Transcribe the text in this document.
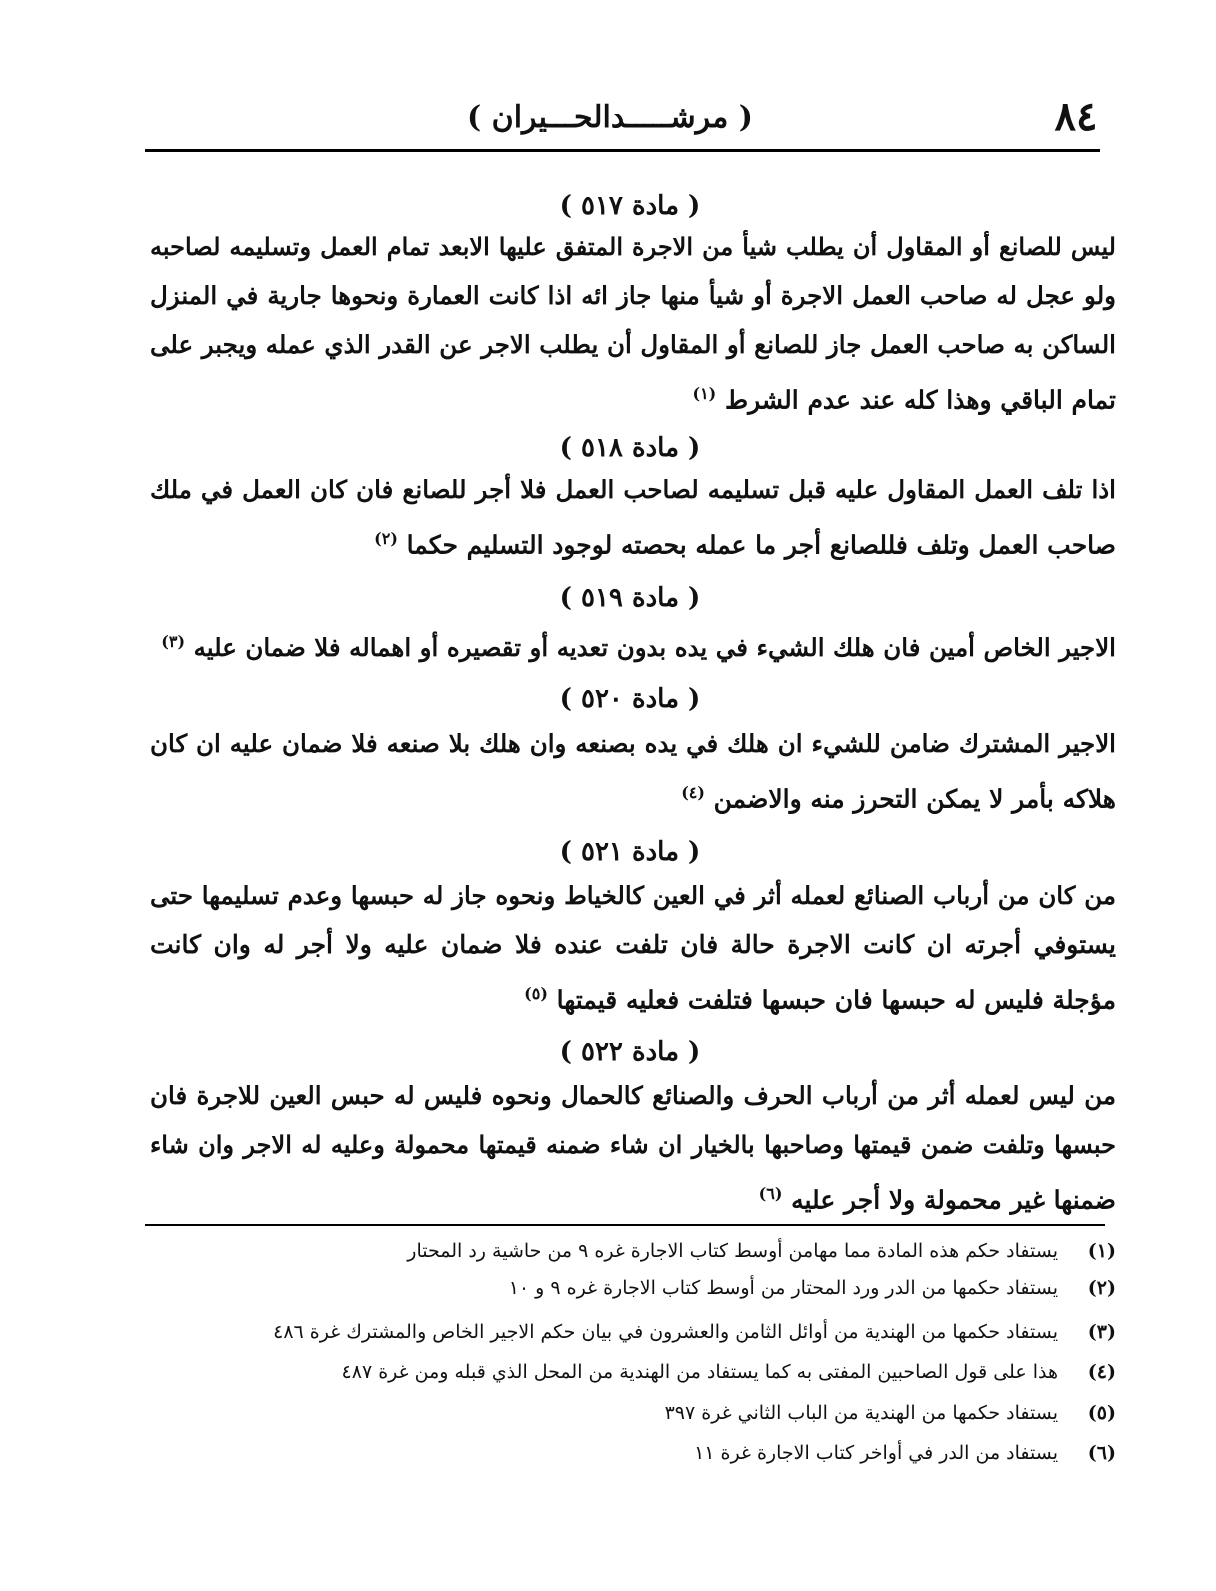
٨٤
( مرشـــــدالحـــيران )
( مادة ٥١٧ )
ليس للصانع أو المقاول أن يطلب شيأ من الاجرة المتفق عليها الابعد تمام العمل وتسليمه لصاحبه
ولو عجل له صاحب العمل الاجرة أو شيأ منها جاز ائه اذا كانت العمارة ونحوها جارية في المنزل
الساكن به صاحب العمل جاز للصانع أو المقاول أن يطلب الاجر عن القدر الذي عمله ويجبر على
تمام الباقي وهذا كله عند عدم الشرط $^{(١)}$
( مادة ٥١٨ )
اذا تلف العمل المقاول عليه قبل تسليمه لصاحب العمل فلا أجر للصانع فان كان العمل في ملك
صاحب العمل وتلف فللصانع أجر ما عمله بحصته لوجود التسليم حكما $^{(٢)}$
( مادة ٥١٩ )
الاجير الخاص أمين فان هلك الشيء في يده بدون تعديه أو تقصيره أو اهماله فلا ضمان عليه $^{(٣)}$
( مادة ٥٢٠ )
الاجير المشترك ضامن للشيء ان هلك في يده بصنعه وان هلك بلا صنعه فلا ضمان عليه ان كان
هلاكه بأمر لا يمكن التحرز منه والاضمن $^{(٤)}$
( مادة ٥٢١ )
من كان من أرباب الصنائع لعمله أثر في العين كالخياط ونحوه جاز له حبسها وعدم تسليمها حتى
يستوفي أجرته ان كانت الاجرة حالة فان تلفت عنده فلا ضمان عليه ولا أجر له وان كانت
مؤجلة فليس له حبسها فان حبسها فتلفت فعليه قيمتها $^{(٥)}$
( مادة ٥٢٢ )
من ليس لعمله أثر من أرباب الحرف والصنائع كالحمال ونحوه فليس له حبس العين للاجرة فان
حبسها وتلفت ضمن قيمتها وصاحبها بالخيار ان شاء ضمنه قيمتها محمولة وعليه له الاجر وان شاء
ضمنها غير محمولة ولا أجر عليه $^{(٦)}$
(١)يستفاد حكم هذه المادة مما مهامن أوسط كتاب الاجارة غره ٩ من حاشية رد المحتار
(٢)يستفاد حكمها من الدر ورد المحتار من أوسط كتاب الاجارة غره ٩ و ١٠
(٣)يستفاد حكمها من الهندية من أوائل الثامن والعشرون في بيان حكم الاجير الخاص والمشترك غرة ٤٨٦
(٤)هذا على قول الصاحبين المفتى به كما يستفاد من الهندية من المحل الذي قبله ومن غرة ٤٨٧
(٥)يستفاد حكمها من الهندية من الباب الثاني غرة ٣٩٧
(٦)يستفاد من الدر في أواخر كتاب الاجارة غرة ١١
